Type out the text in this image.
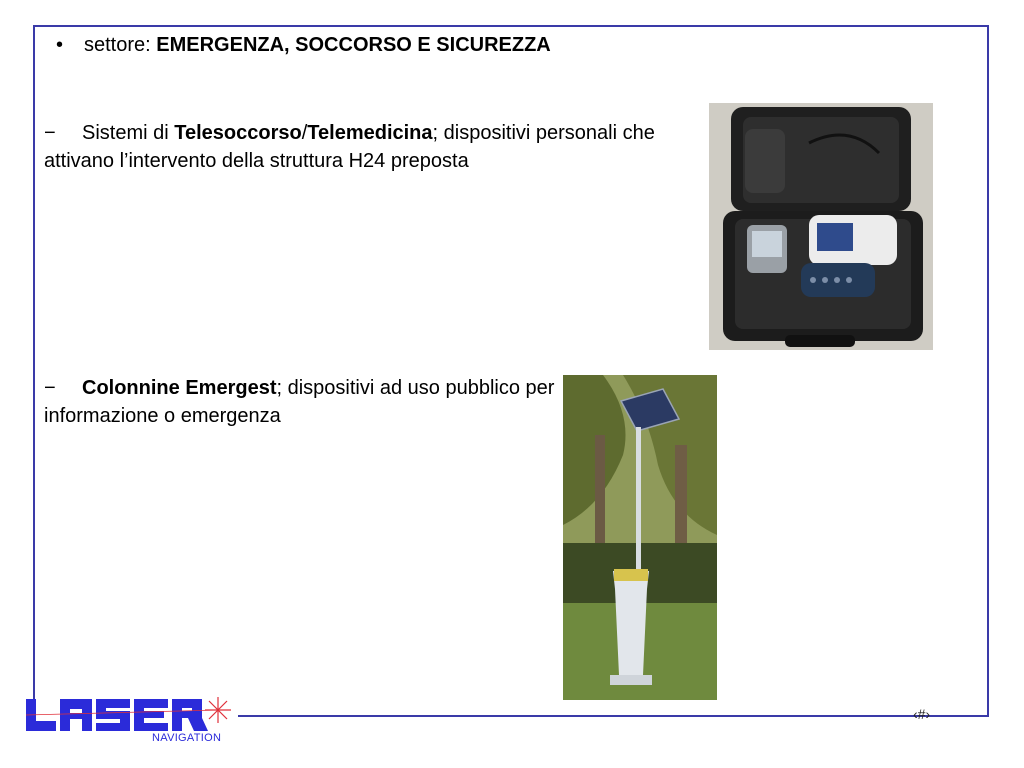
• settore: EMERGENZA, SOCCORSO E SICUREZZA
− Sistemi di Telesoccorso/Telemedicina; dispositivi personali che attivano l’intervento della struttura H24 preposta
− Colonnine Emergest; dispositivi ad uso pubblico per informazione o emergenza
NAVIGATION
‹#›
